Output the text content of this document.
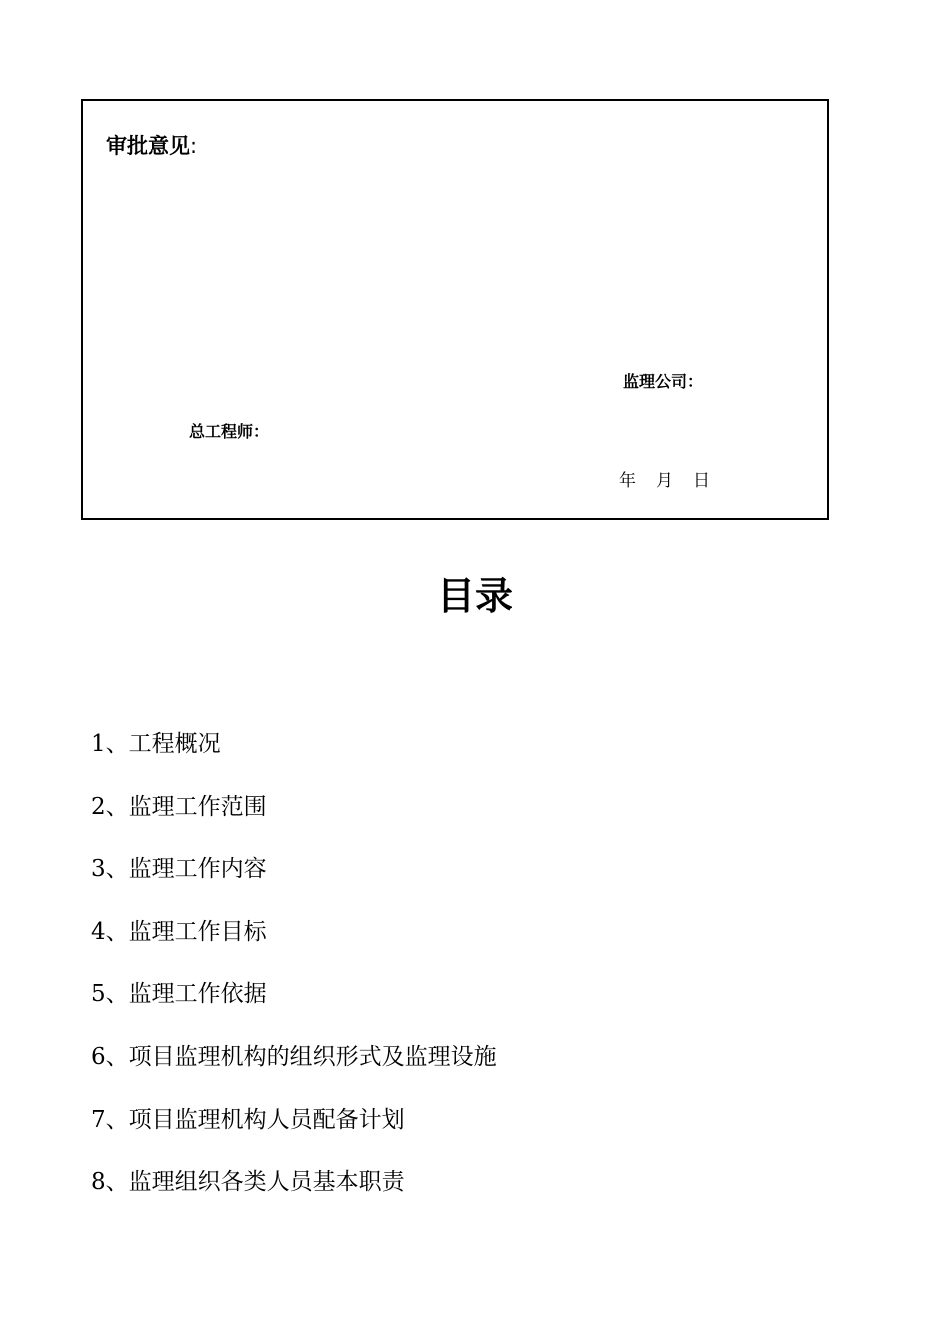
审批意见:
监理公司：
总工程师：
年 月 日
目录
1、工程概况
2、监理工作范围
3、监理工作内容
4、监理工作目标
5、监理工作依据
6、项目监理机构的组织形式及监理设施
7、项目监理机构人员配备计划
8、监理组织各类人员基本职责
